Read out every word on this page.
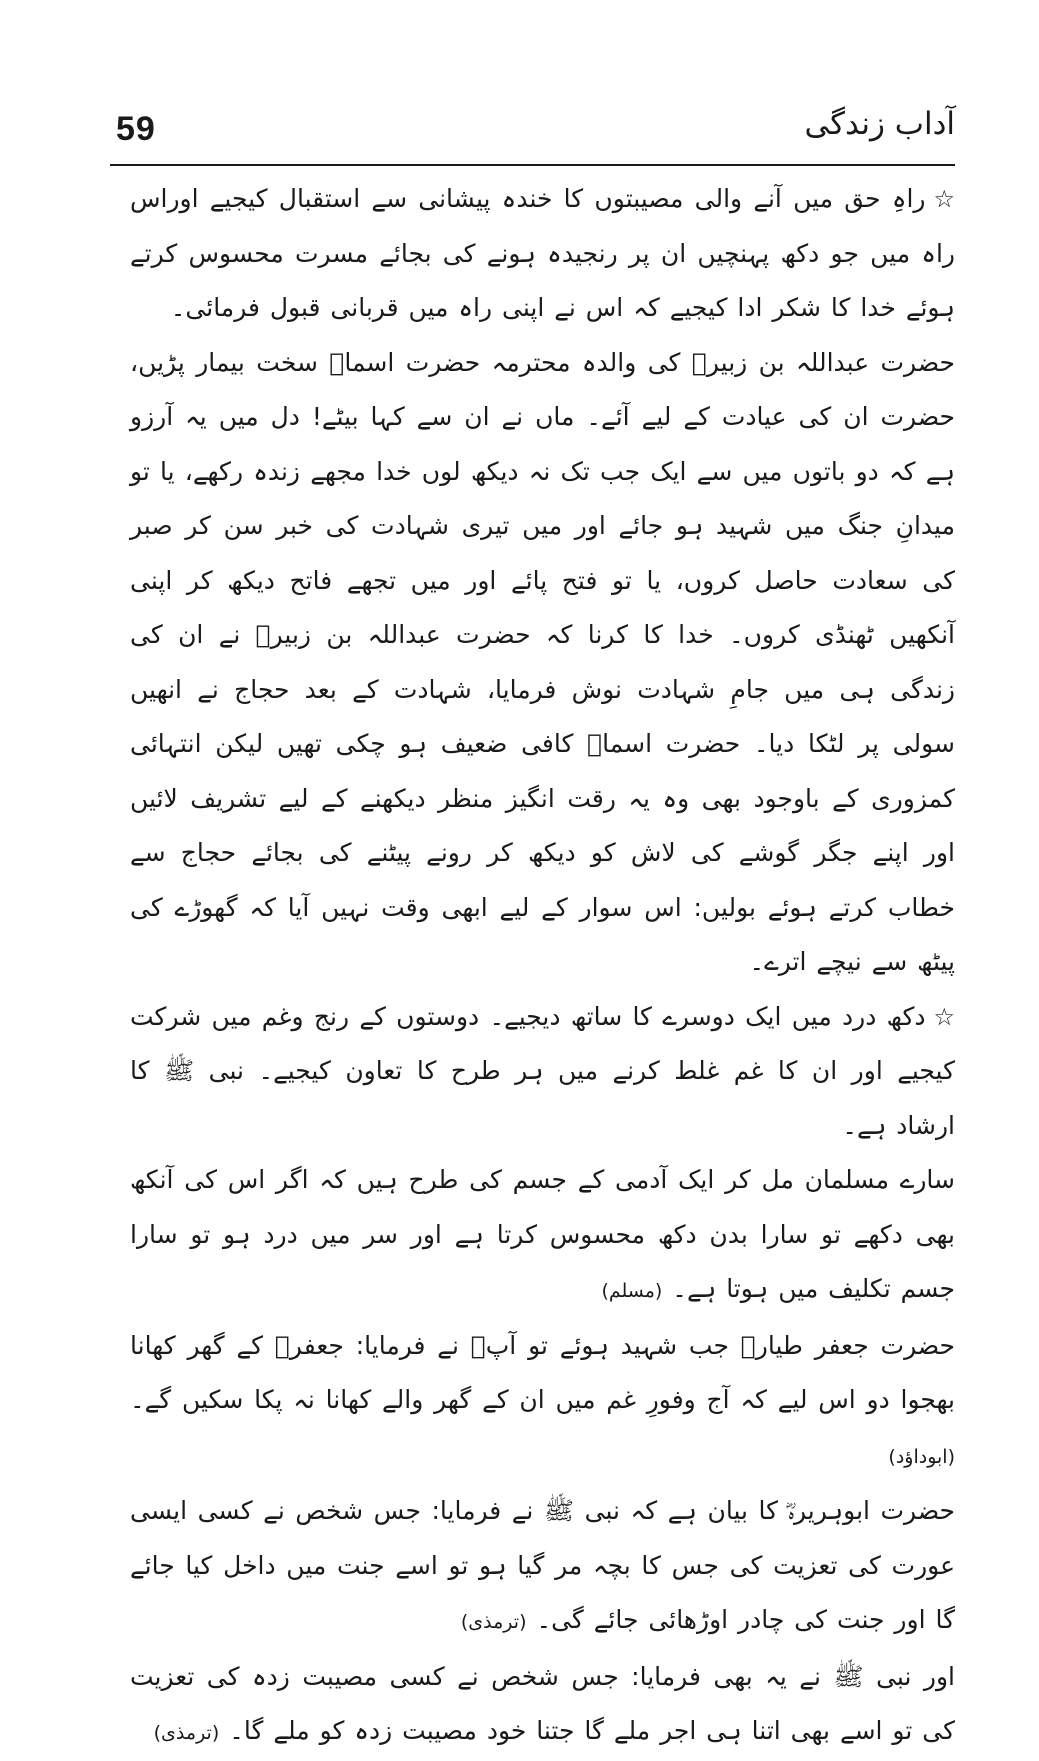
59	آداب زندگی

☆راہِ حق میں آنے والی مصیبتوں کا خندہ پیشانی سے استقبال کیجیے اوراس راہ میں جو دکھ پہنچیں ان پر رنجیدہ ہونے کی بجائے مسرت محسوس کرتے ہوئے خدا کا شکر ادا کیجیے کہ اس نے اپنی راہ میں قربانی قبول فرمائی۔

حضرت عبداللہ بن زبیرؓ کی والدہ محترمہ حضرت اسماؓ سخت بیمار پڑیں، حضرت ان کی عیادت کے لیے آئے۔ ماں نے ان سے کہا بیٹے! دل میں یہ آرزو ہے کہ دو باتوں میں سے ایک جب تک نہ دیکھ لوں خدا مجھے زندہ رکھے، یا تو میدانِ جنگ میں شہید ہو جائے اور میں تیری شہادت کی خبر سن کر صبر کی سعادت حاصل کروں، یا تو فتح پائے اور میں تجھے فاتح دیکھ کر اپنی آنکھیں ٹھنڈی کروں۔ خدا کا کرنا کہ حضرت عبداللہ بن زبیرؓ نے ان کی زندگی ہی میں جامِ شہادت نوش فرمایا، شہادت کے بعد حجاج نے انھیں سولی پر لٹکا دیا۔ حضرت اسماؓ کافی ضعیف ہو چکی تھیں لیکن انتہائی کمزوری کے باوجود بھی وہ یہ رقت انگیز منظر دیکھنے کے لیے تشریف لائیں اور اپنے جگر گوشے کی لاش کو دیکھ کر رونے پیٹنے کی بجائے حجاج سے خطاب کرتے ہوئے بولیں: اس سوار کے لیے ابھی وقت نہیں آیا کہ گھوڑے کی پیٹھ سے نیچے اترے۔

☆دکھ درد میں ایک دوسرے کا ساتھ دیجیے۔ دوستوں کے رنج وغم میں شرکت کیجیے اور ان کا غم غلط کرنے میں ہر طرح کا تعاون کیجیے۔ نبی ﷺ کا ارشاد ہے۔

سارے مسلمان مل کر ایک آدمی کے جسم کی طرح ہیں کہ اگر اس کی آنکھ بھی دکھے تو سارا بدن دکھ محسوس کرتا ہے اور سر میں درد ہو تو سارا جسم تکلیف میں ہوتا ہے۔ (مسلم)

حضرت جعفر طیارؓ جب شہید ہوئے تو آپؐ نے فرمایا: جعفرؓ کے گھر کھانا بھجوا دو اس لیے کہ آج وفورِ غم میں ان کے گھر والے کھانا نہ پکا سکیں گے۔ (ابوداؤد)

حضرت ابوہریرہؓ کا بیان ہے کہ نبی ﷺ نے فرمایا: جس شخص نے کسی ایسی عورت کی تعزیت کی جس کا بچہ مر گیا ہو تو اسے جنت میں داخل کیا جائے گا اور جنت کی چادر اوڑھائی جائے گی۔ (ترمذی)

اور نبی ﷺ نے یہ بھی فرمایا: جس شخص نے کسی مصیبت زدہ کی تعزیت کی تو اسے بھی اتنا ہی اجر ملے گا جتنا خود مصیبت زدہ کو ملے گا۔ (ترمذی)
